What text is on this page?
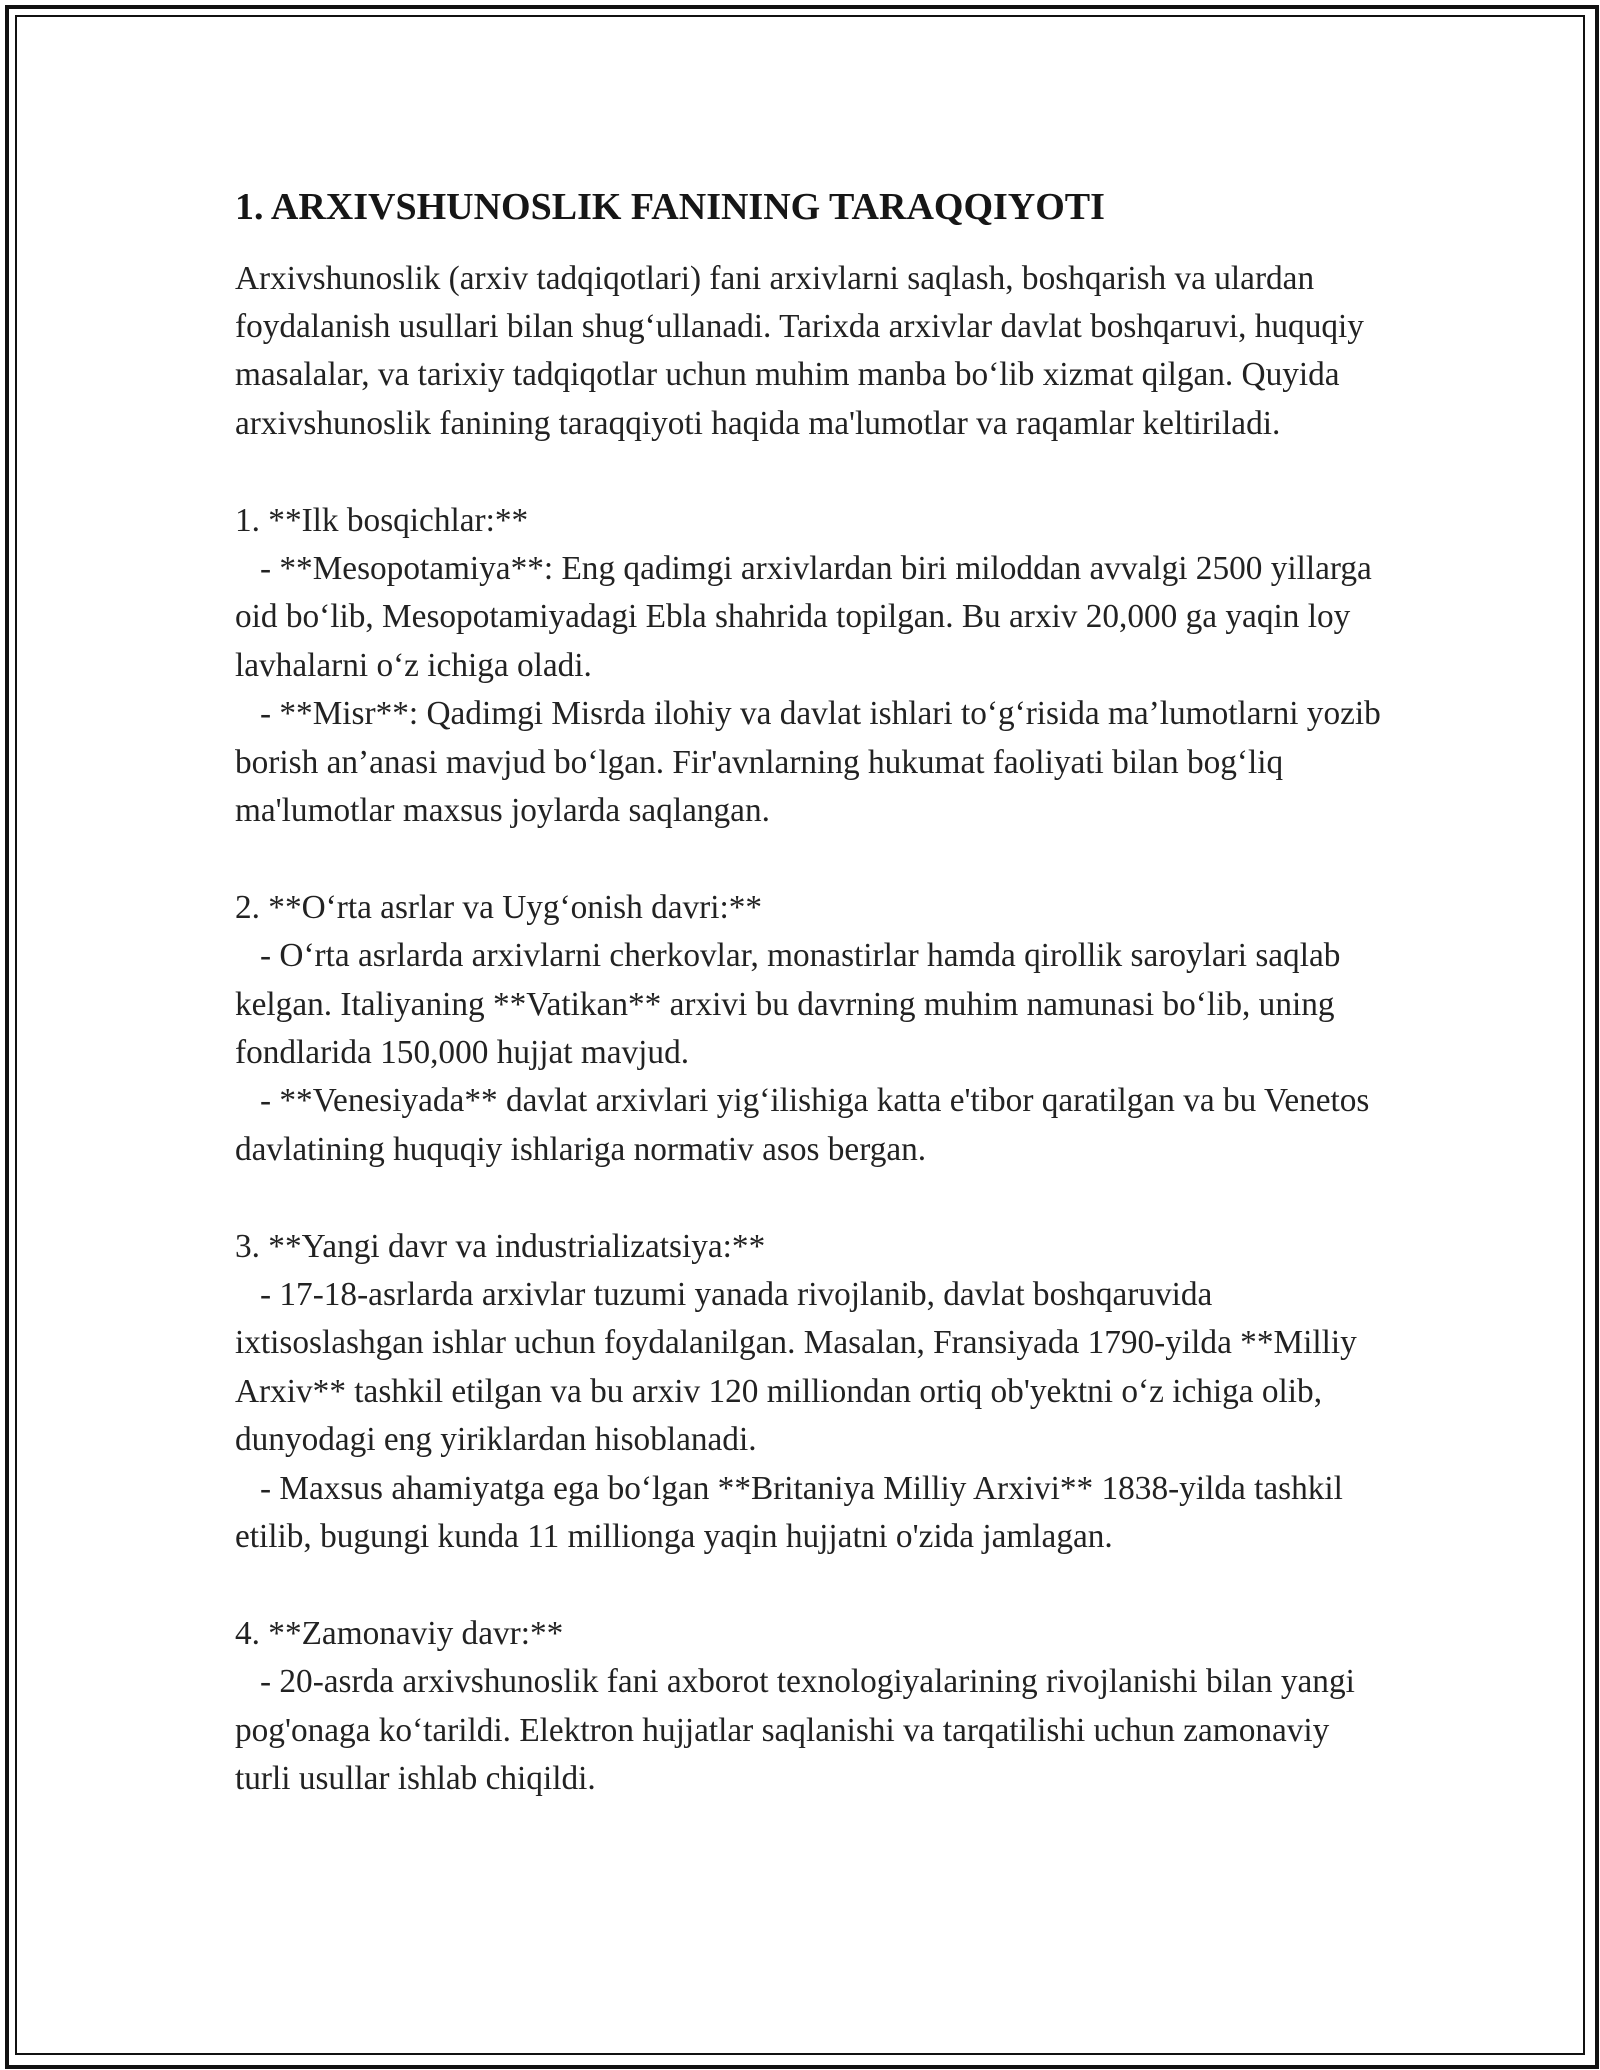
1. ARXIVSHUNOSLIK FANINING TARAQQIYOTI

Arxivshunoslik (arxiv tadqiqotlari) fani arxivlarni saqlash, boshqarish va ulardan foydalanish usullari bilan shug‘ullanadi. Tarixda arxivlar davlat boshqaruvi, huquqiy masalalar, va tarixiy tadqiqotlar uchun muhim manba bo‘lib xizmat qilgan. Quyida arxivshunoslik fanining taraqqiyoti haqida ma'lumotlar va raqamlar keltiriladi.

1. **Ilk bosqichlar:**

- **Mesopotamiya**: Eng qadimgi arxivlardan biri miloddan avvalgi 2500 yillarga oid bo‘lib, Mesopotamiyadagi Ebla shahrida topilgan. Bu arxiv 20,000 ga yaqin loy lavhalarni o‘z ichiga oladi.

- **Misr**: Qadimgi Misrda ilohiy va davlat ishlari to‘g‘risida ma’lumotlarni yozib borish an’anasi mavjud bo‘lgan. Fir'avnlarning hukumat faoliyati bilan bog‘liq ma'lumotlar maxsus joylarda saqlangan.

2. **O‘rta asrlar va Uyg‘onish davri:**

- O‘rta asrlarda arxivlarni cherkovlar, monastirlar hamda qirollik saroylari saqlab kelgan. Italiyaning **Vatikan** arxivi bu davrning muhim namunasi bo‘lib, uning fondlarida 150,000 hujjat mavjud.

- **Venesiyada** davlat arxivlari yig‘ilishiga katta e'tibor qaratilgan va bu Venetos davlatining huquqiy ishlariga normativ asos bergan.

3. **Yangi davr va industrializatsiya:**

- 17-18-asrlarda arxivlar tuzumi yanada rivojlanib, davlat boshqaruvida ixtisoslashgan ishlar uchun foydalanilgan. Masalan, Fransiyada 1790-yilda **Milliy Arxiv** tashkil etilgan va bu arxiv 120 milliondan ortiq ob'yektni o‘z ichiga olib, dunyodagi eng yiriklardan hisoblanadi.

- Maxsus ahamiyatga ega bo‘lgan **Britaniya Milliy Arxivi** 1838-yilda tashkil etilib, bugungi kunda 11 millionga yaqin hujjatni o'zida jamlagan.

4. **Zamonaviy davr:**

- 20-asrda arxivshunoslik fani axborot texnologiyalarining rivojlanishi bilan yangi pog'onaga ko‘tarildi. Elektron hujjatlar saqlanishi va tarqatilishi uchun zamonaviy turli usullar ishlab chiqildi.
